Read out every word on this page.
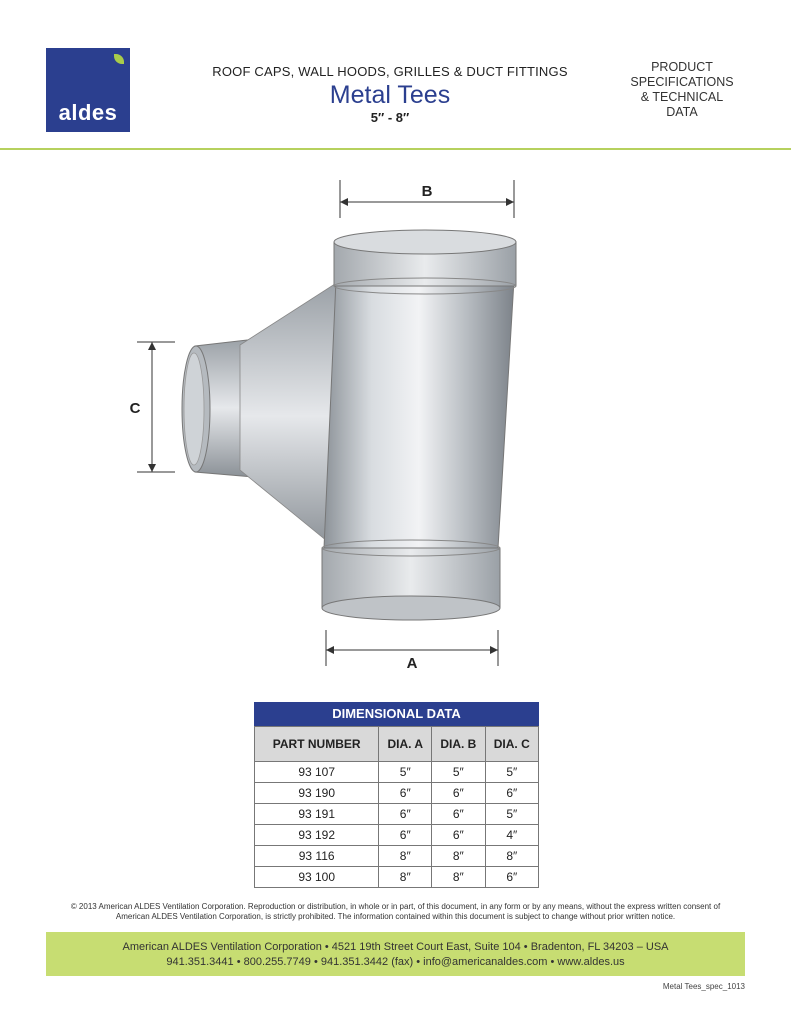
aldes
ROOF CAPS, WALL HOODS, GRILLES & DUCT FITTINGS
Metal Tees
5″ - 8″
PRODUCT
SPECIFICATIONS
& TECHNICAL
DATA
B
C
A
DIMENSIONAL DATA
PART NUMBER	DIA. A	DIA. B	DIA. C
93 107	5″	5″	5″
93 190	6″	6″	6″
93 191	6″	6″	5″
93 192	6″	6″	4″
93 116	8″	8″	8″
93 100	8″	8″	6″
© 2013 American ALDES Ventilation Corporation. Reproduction or distribution, in whole or in part, of this document, in any form or by any means, without the express written consent of
American ALDES Ventilation Corporation, is strictly prohibited. The information contained within this document is subject to change without prior written notice.
American ALDES Ventilation Corporation • 4521 19th Street Court East, Suite 104 • Bradenton, FL 34203 – USA
941.351.3441 • 800.255.7749 • 941.351.3442 (fax) • info@americanaldes.com • www.aldes.us
Metal Tees_spec_1013
